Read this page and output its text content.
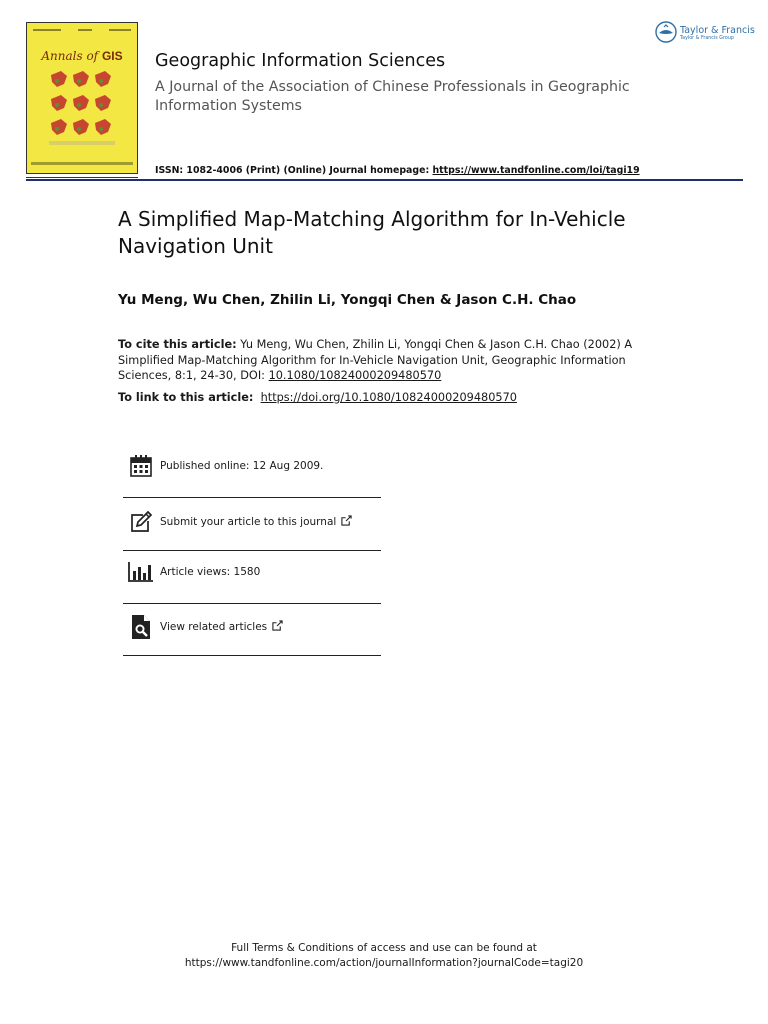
Annals of GIS	Geographic Information Sciences
A Journal of the Association of Chinese Professionals in Geographic Information Systems
ISSN: 1082-4006 (Print) (Online) Journal homepage: https://www.tandfonline.com/loi/tagi19
Taylor & Francis
Taylor & Francis Group
A Simplified Map-Matching Algorithm for In-Vehicle Navigation Unit
Yu Meng, Wu Chen, Zhilin Li, Yongqi Chen & Jason C.H. Chao
To cite this article: Yu Meng, Wu Chen, Zhilin Li, Yongqi Chen & Jason C.H. Chao (2002) A Simplified Map-Matching Algorithm for In-Vehicle Navigation Unit, Geographic Information Sciences, 8:1, 24-30, DOI: 10.1080/10824000209480570
To link to this article: https://doi.org/10.1080/10824000209480570
Published online: 12 Aug 2009.
Submit your article to this journal
Article views: 1580
View related articles
Full Terms & Conditions of access and use can be found at
https://www.tandfonline.com/action/journalInformation?journalCode=tagi20
